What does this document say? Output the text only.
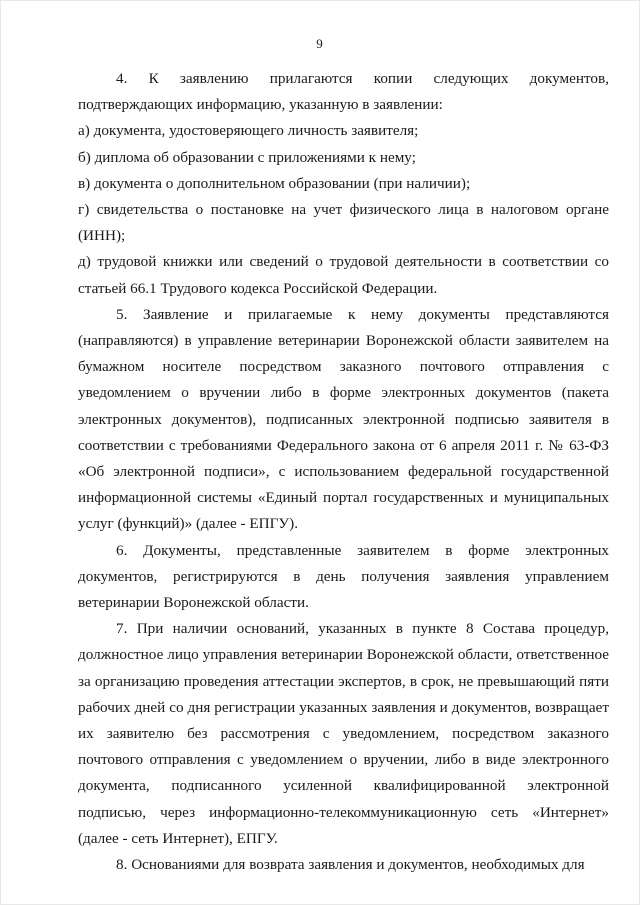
9

4. К заявлению прилагаются копии следующих документов, подтверждающих информацию, указанную в заявлении:

а) документа, удостоверяющего личность заявителя;

б) диплома об образовании с приложениями к нему;

в) документа о дополнительном образовании (при наличии);

г) свидетельства о постановке на учет физического лица в налоговом органе (ИНН);

д) трудовой книжки или сведений о трудовой деятельности в соответствии со статьей 66.1 Трудового кодекса Российской Федерации.

5. Заявление и прилагаемые к нему документы представляются (направляются) в управление ветеринарии Воронежской области заявителем на бумажном носителе посредством заказного почтового отправления с уведомлением о вручении либо в форме электронных документов (пакета электронных документов), подписанных электронной подписью заявителя в соответствии с требованиями Федерального закона от 6 апреля 2011 г. № 63-ФЗ «Об электронной подписи», с использованием федеральной государственной информационной системы «Единый портал государственных и муниципальных услуг (функций)» (далее - ЕПГУ).

6. Документы, представленные заявителем в форме электронных документов, регистрируются в день получения заявления управлением ветеринарии Воронежской области.

7. При наличии оснований, указанных в пункте 8 Состава процедур, должностное лицо управления ветеринарии Воронежской области, ответственное за организацию проведения аттестации экспертов, в срок, не превышающий пяти рабочих дней со дня регистрации указанных заявления и документов, возвращает их заявителю без рассмотрения с уведомлением, посредством заказного почтового отправления с уведомлением о вручении, либо в виде электронного документа, подписанного усиленной квалифицированной электронной подписью, через информационно-телекоммуникационную сеть «Интернет» (далее - сеть Интернет), ЕПГУ.

8. Основаниями для возврата заявления и документов, необходимых для
